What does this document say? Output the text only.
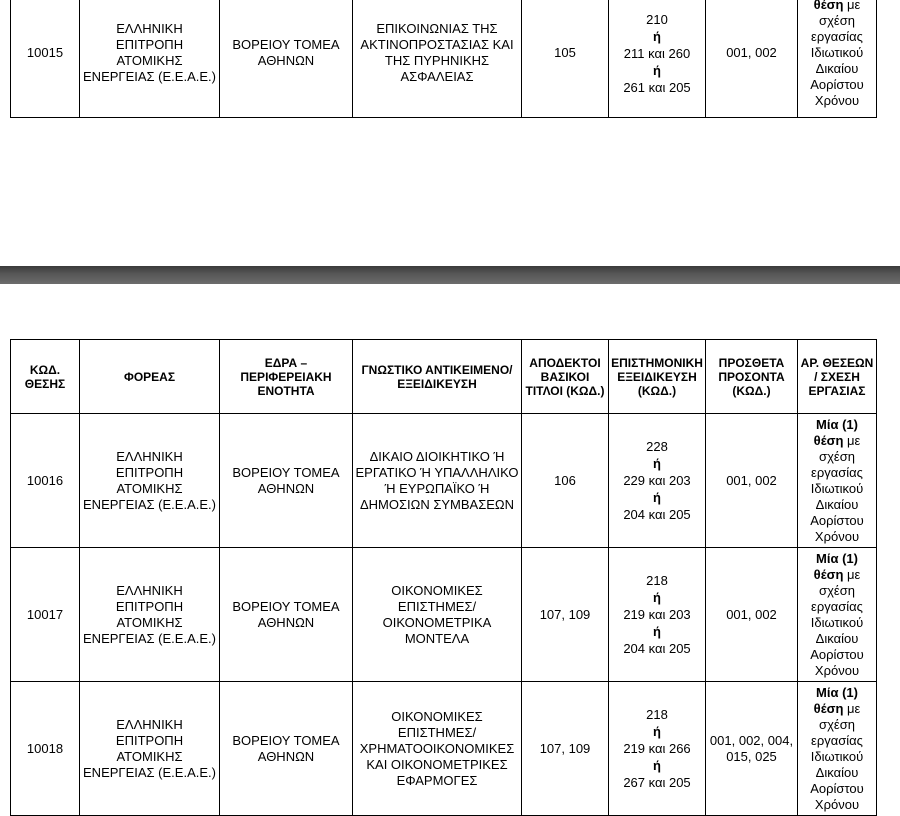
10015	ΕΛΛΗΝΙΚΗ ΕΠΙΤΡΟΠΗ ΑΤΟΜΙΚΗΣ ΕΝΕΡΓΕΙΑΣ (Ε.Ε.Α.Ε.)	ΒΟΡΕΙΟΥ ΤΟΜΕΑ ΑΘΗΝΩΝ	ΕΠΙΚΟΙΝΩΝΙΑΣ ΤΗΣ ΑΚΤΙΝΟΠΡΟΣΤΑΣΙΑΣ ΚΑΙ ΤΗΣ ΠΥΡΗΝΙΚΗΣ ΑΣΦΑΛΕΙΑΣ	105	
210
ή
211 και 260
ή
261 και 205
	001, 002	θέση με σχέση εργασίας Ιδιωτικού Δικαίου Αορίστου Χρόνου
ΚΩΔ. ΘΕΣΗΣ	ΦΟΡΕΑΣ	ΕΔΡΑ – ΠΕΡΙΦΕΡΕΙΑΚΗ ΕΝΟΤΗΤΑ	ΓΝΩΣΤΙΚΟ ΑΝΤΙΚΕΙΜΕΝΟ/ ΕΞΕΙΔΙΚΕΥΣΗ	ΑΠΟΔΕΚΤΟΙ ΒΑΣΙΚΟΙ ΤΙΤΛΟΙ (ΚΩΔ.)	ΕΠΙΣΤΗΜΟΝΙΚΗ ΕΞΕΙΔΙΚΕΥΣΗ (ΚΩΔ.)	ΠΡΟΣΘΕΤΑ ΠΡΟΣΟΝΤΑ (ΚΩΔ.)	ΑΡ. ΘΕΣΕΩΝ / ΣΧΕΣΗ ΕΡΓΑΣΙΑΣ
10016	ΕΛΛΗΝΙΚΗ ΕΠΙΤΡΟΠΗ ΑΤΟΜΙΚΗΣ ΕΝΕΡΓΕΙΑΣ (Ε.Ε.Α.Ε.)	ΒΟΡΕΙΟΥ ΤΟΜΕΑ ΑΘΗΝΩΝ	ΔΙΚΑΙΟ ΔΙΟΙΚΗΤΙΚΟ Ή ΕΡΓΑΤΙΚΟ Ή ΥΠΑΛΛΗΛΙΚΟ Ή ΕΥΡΩΠΑΪΚΟ Ή ΔΗΜΟΣΙΩΝ ΣΥΜΒΑΣΕΩΝ	106	228
ή
229 και 203
ή
204 και 205	001, 002	Μία (1) θέση με σχέση εργασίας Ιδιωτικού Δικαίου Αορίστου Χρόνου
10017	ΕΛΛΗΝΙΚΗ ΕΠΙΤΡΟΠΗ ΑΤΟΜΙΚΗΣ ΕΝΕΡΓΕΙΑΣ (Ε.Ε.Α.Ε.)	ΒΟΡΕΙΟΥ ΤΟΜΕΑ ΑΘΗΝΩΝ	ΟΙΚΟΝΟΜΙΚΕΣ ΕΠΙΣΤΗΜΕΣ/ ΟΙΚΟΝΟΜΕΤΡΙΚΑ ΜΟΝΤΕΛΑ	107, 109	218
ή
219 και 203
ή
204 και 205	001, 002	Μία (1) θέση με σχέση εργασίας Ιδιωτικού Δικαίου Αορίστου Χρόνου
10018	ΕΛΛΗΝΙΚΗ ΕΠΙΤΡΟΠΗ ΑΤΟΜΙΚΗΣ ΕΝΕΡΓΕΙΑΣ (Ε.Ε.Α.Ε.)	ΒΟΡΕΙΟΥ ΤΟΜΕΑ ΑΘΗΝΩΝ	ΟΙΚΟΝΟΜΙΚΕΣ ΕΠΙΣΤΗΜΕΣ/ ΧΡΗΜΑΤΟΟΙΚΟΝΟΜΙΚΕΣ ΚΑΙ ΟΙΚΟΝΟΜΕΤΡΙΚΕΣ ΕΦΑΡΜΟΓΕΣ	107, 109	218
ή
219 και 266
ή
267 και 205	001, 002, 004, 015, 025	Μία (1) θέση με σχέση εργασίας Ιδιωτικού Δικαίου Αορίστου Χρόνου
